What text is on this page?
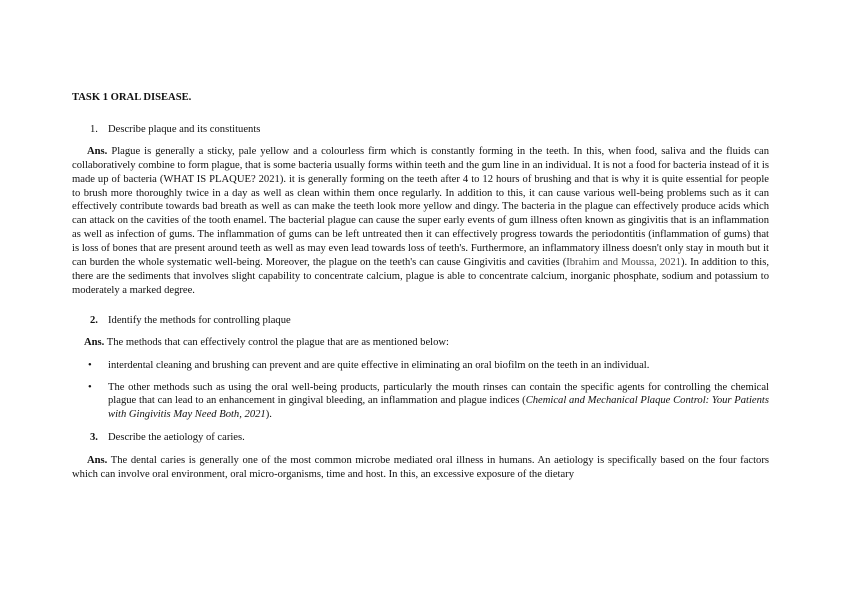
TASK 1 ORAL DISEASE.
1. Describe plaque and its constituents

Ans. Plague is generally a sticky, pale yellow and a colourless firm which is constantly forming in the teeth. In this, when food, saliva and the fluids can collaboratively combine to form plague, that is some bacteria usually forms within teeth and the gum line in an individual. It is not a food for bacteria instead of it is made up of bacteria (WHAT IS PLAQUE? 2021). it is generally forming on the teeth after 4 to 12 hours of brushing and that is why it is quite essential for people to brush more thoroughly twice in a day as well as clean within them once regularly. In addition to this, it can cause various well-being problems such as it can effectively contribute towards bad breath as well as can make the teeth look more yellow and dingy. The bacteria in the plague can effectively produce acids which can attack on the cavities of the tooth enamel. The bacterial plague can cause the super early events of gum illness often known as gingivitis that is an inflammation as well as infection of gums. The inflammation of gums can be left untreated then it can effectively progress towards the periodontitis (inflammation of gums) that is loss of bones that are present around teeth as well as may even lead towards loss of teeth's. Furthermore, an inflammatory illness doesn't only stay in mouth but it can burden the whole systematic well-being. Moreover, the plague on the teeth's can cause Gingivitis and cavities (Ibrahim and Moussa, 2021). In addition to this, there are the sediments that involves slight capability to concentrate calcium, plague is able to concentrate calcium, inorganic phosphate, sodium and potassium to moderately a marked degree.

2. Identify the methods for controlling plaque

Ans. The methods that can effectively control the plague that are as mentioned below:

• interdental cleaning and brushing can prevent and are quite effective in eliminating an oral biofilm on the teeth in an individual.
• The other methods such as using the oral well-being products, particularly the mouth rinses can contain the specific agents for controlling the chemical plague that can lead to an enhancement in gingival bleeding, an inflammation and plague indices (Chemical and Mechanical Plaque Control: Your Patients with Gingivitis May Need Both, 2021).
3. Describe the aetiology of caries.

Ans. The dental caries is generally one of the most common microbe mediated oral illness in humans. An aetiology is specifically based on the four factors which can involve oral environment, oral micro-organisms, time and host. In this, an excessive exposure of the dietary
